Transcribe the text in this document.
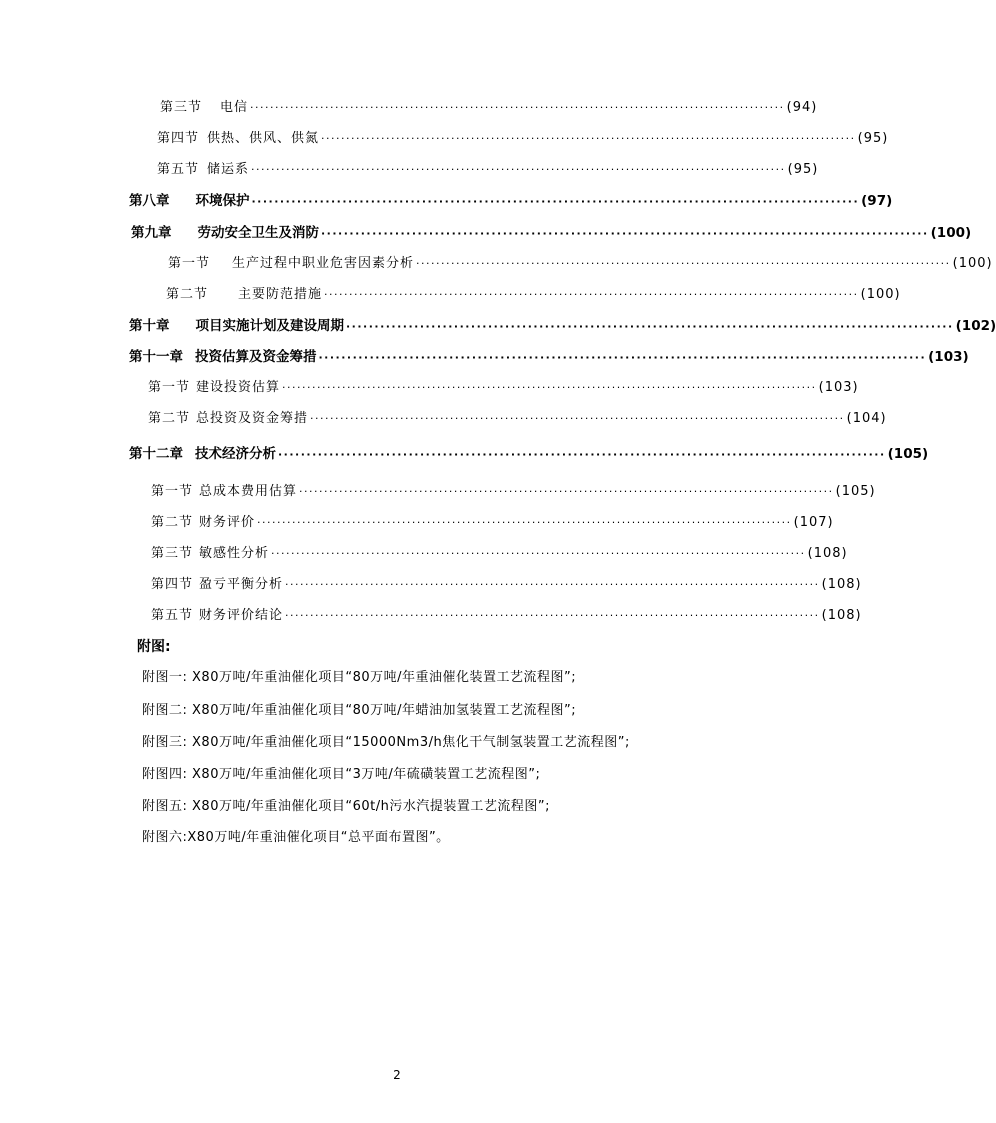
第三节 电信 ··········································································································· (94)
第四节 供热、供风、供氮 ··········································································································· (95)
第五节 储运系 ··········································································································· (95)
第八章 环境保护 ··········································································································· (97)
第九章 劳动安全卫生及消防 ··········································································································· (100)
第一节 生产过程中职业危害因素分析 ··········································································································· (100)
第二节 主要防范措施 ··········································································································· (100)
第十章 项目实施计划及建设周期 ··········································································································· (102)
第十一章 投资估算及资金筹措 ··········································································································· (103)
第一节 建设投资估算 ··········································································································· (103)
第二节 总投资及资金筹措 ··········································································································· (104)
第十二章 技术经济分析 ··········································································································· (105)
第一节 总成本费用估算 ··········································································································· (105)
第二节 财务评价 ··········································································································· (107)
第三节 敏感性分析 ··········································································································· (108)
第四节 盈亏平衡分析 ··········································································································· (108)
第五节 财务评价结论 ··········································································································· (108)
附图:
附图一: X80万吨/年重油催化项目“80万吨/年重油催化装置工艺流程图”;
附图二: X80万吨/年重油催化项目“80万吨/年蜡油加氢装置工艺流程图”;
附图三: X80万吨/年重油催化项目“15000Nm3/h焦化干气制氢装置工艺流程图”;
附图四: X80万吨/年重油催化项目“3万吨/年硫磺装置工艺流程图”;
附图五: X80万吨/年重油催化项目“60t/h污水汽提装置工艺流程图”;
附图六:X80万吨/年重油催化项目“总平面布置图”。
2
